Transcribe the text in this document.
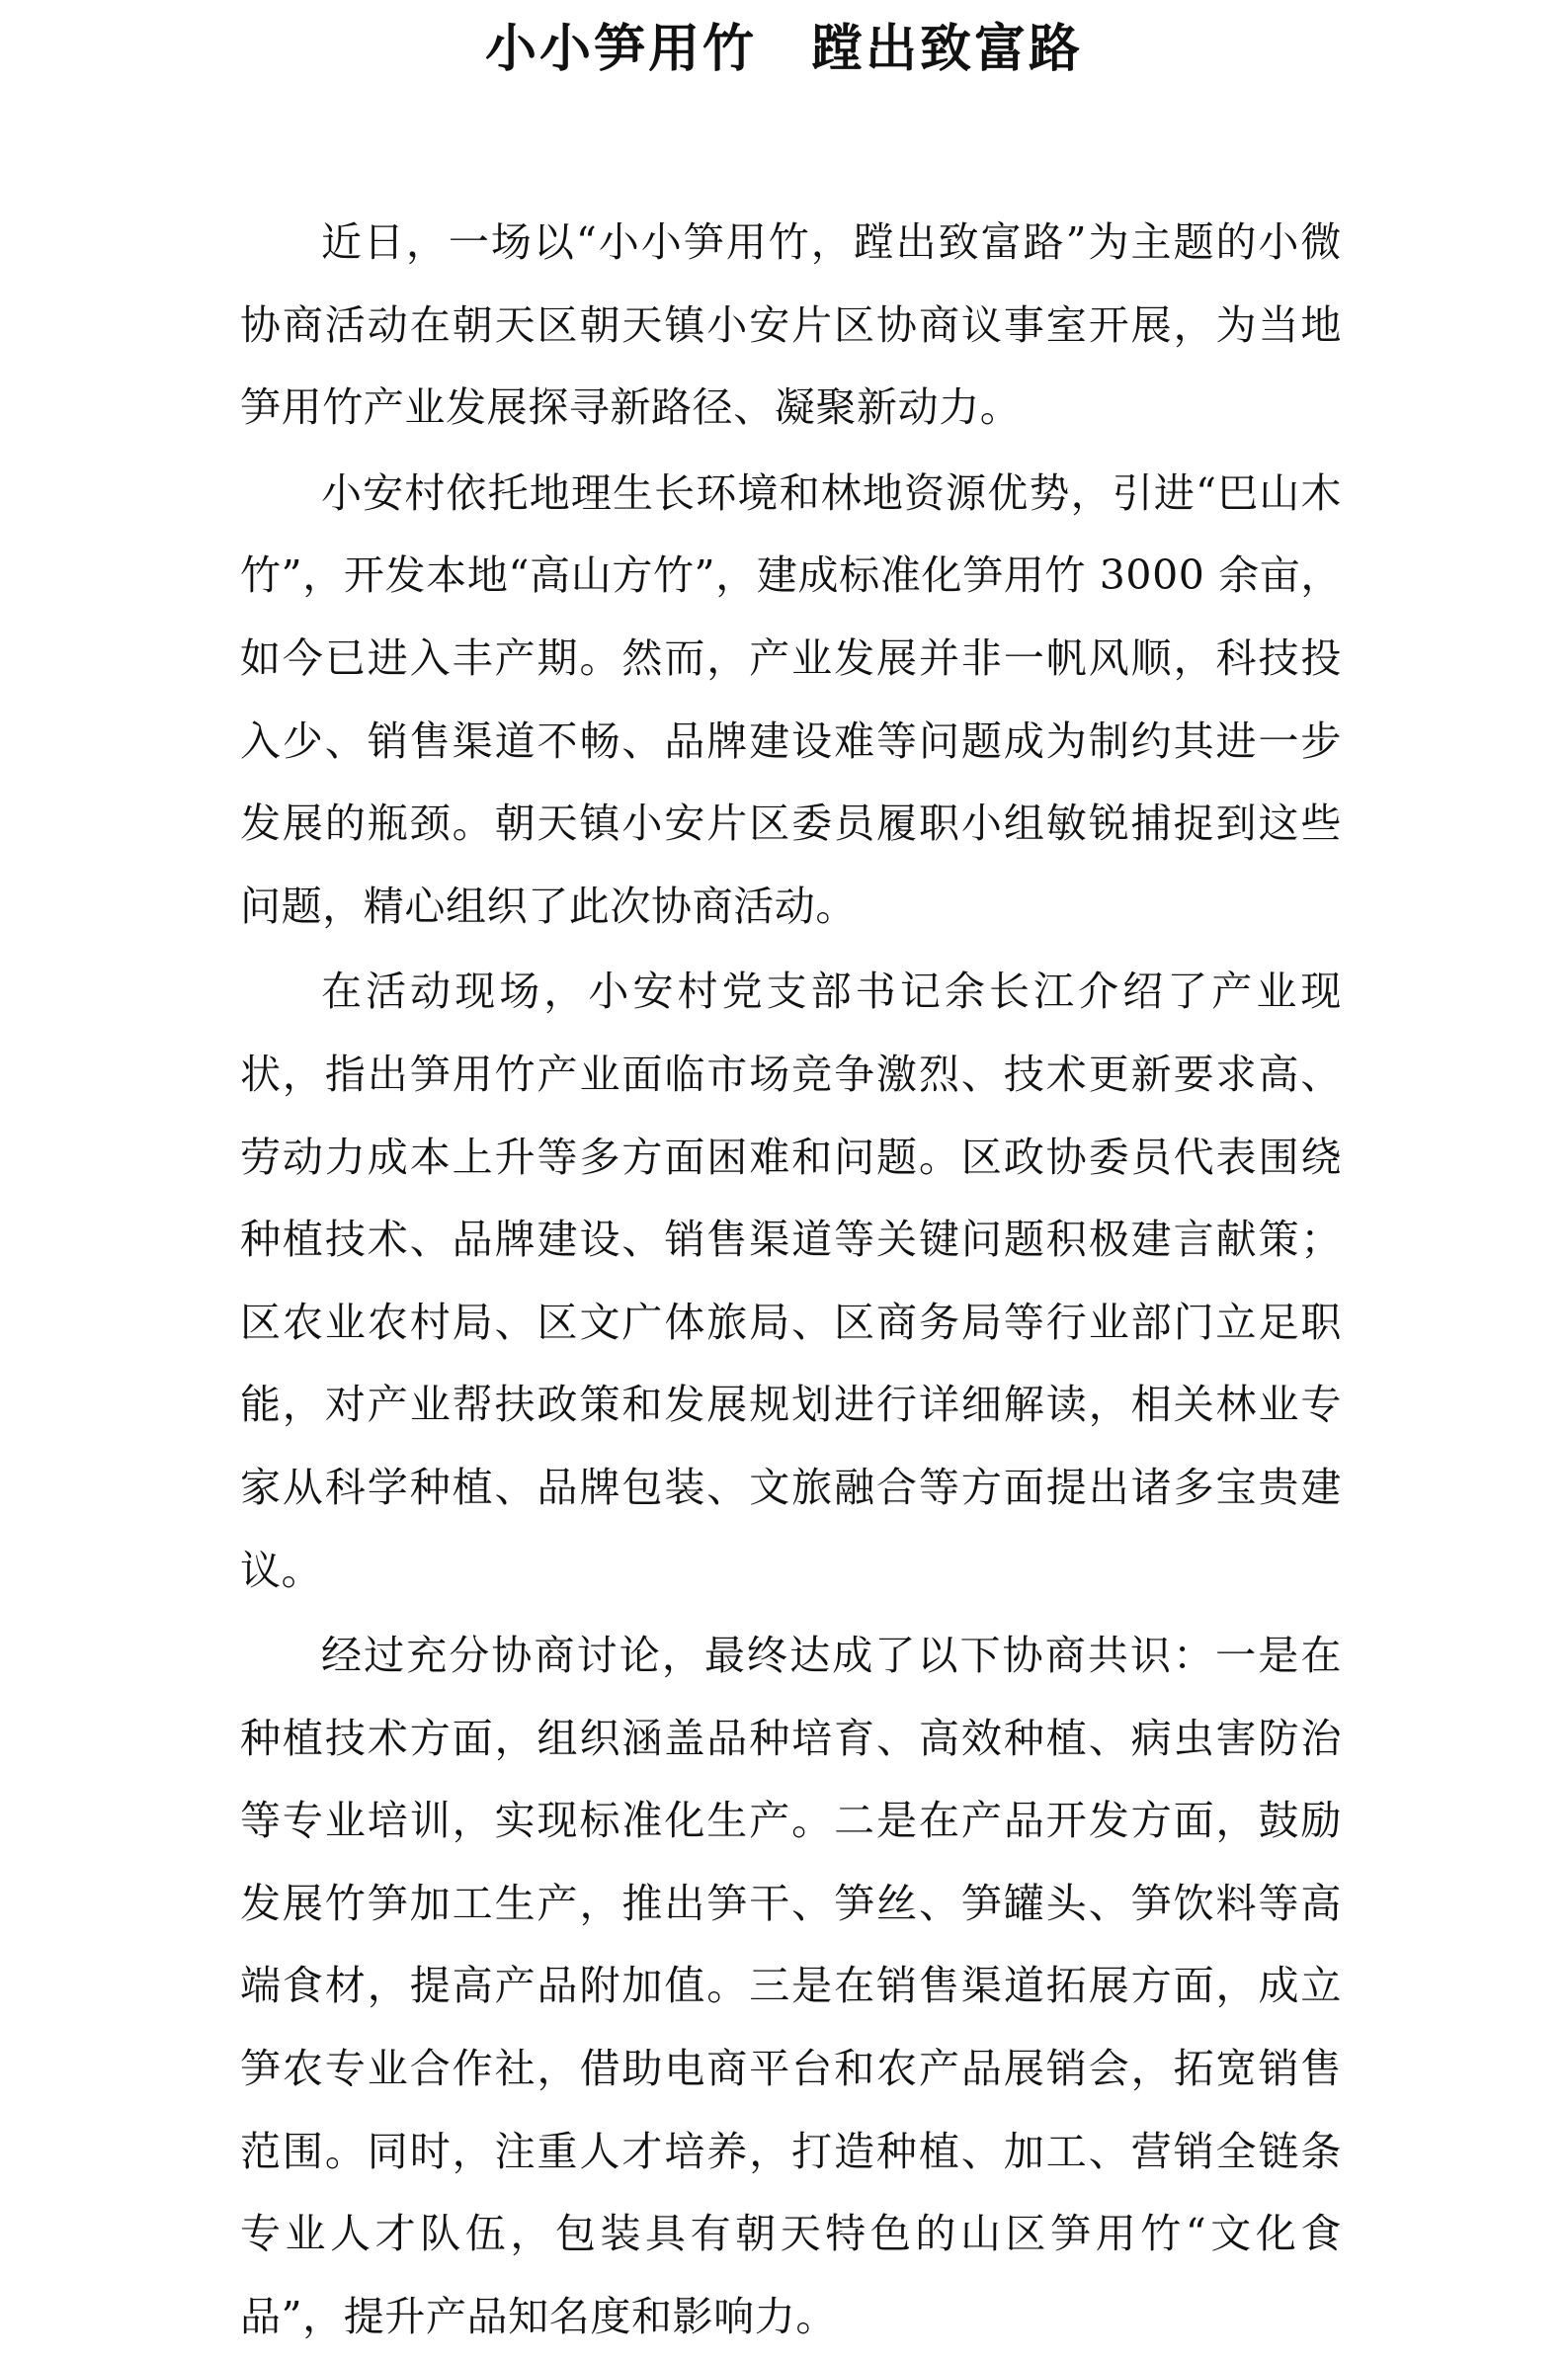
小小笋用竹　蹚出致富路

近日，一场以“小小笋用竹，蹚出致富路”为主题的小微协商活动在朝天区朝天镇小安片区协商议事室开展，为当地笋用竹产业发展探寻新路径、凝聚新动力。

小安村依托地理生长环境和林地资源优势，引进“巴山木竹”，开发本地“高山方竹”，建成标准化笋用竹 3000 余亩，如今已进入丰产期。然而，产业发展并非一帆风顺，科技投入少、销售渠道不畅、品牌建设难等问题成为制约其进一步发展的瓶颈。朝天镇小安片区委员履职小组敏锐捕捉到这些问题，精心组织了此次协商活动。

在活动现场，小安村党支部书记余长江介绍了产业现状，指出笋用竹产业面临市场竞争激烈、技术更新要求高、劳动力成本上升等多方面困难和问题。区政协委员代表围绕种植技术、品牌建设、销售渠道等关键问题积极建言献策；区农业农村局、区文广体旅局、区商务局等行业部门立足职能，对产业帮扶政策和发展规划进行详细解读，相关林业专家从科学种植、品牌包装、文旅融合等方面提出诸多宝贵建议。

经过充分协商讨论，最终达成了以下协商共识：一是在种植技术方面，组织涵盖品种培育、高效种植、病虫害防治等专业培训，实现标准化生产。二是在产品开发方面，鼓励发展竹笋加工生产，推出笋干、笋丝、笋罐头、笋饮料等高端食材，提高产品附加值。三是在销售渠道拓展方面，成立笋农专业合作社，借助电商平台和农产品展销会，拓宽销售范围。同时，注重人才培养，打造种植、加工、营销全链条专业人才队伍，包装具有朝天特色的山区笋用竹“文化食品”，提升产品知名度和影响力。
